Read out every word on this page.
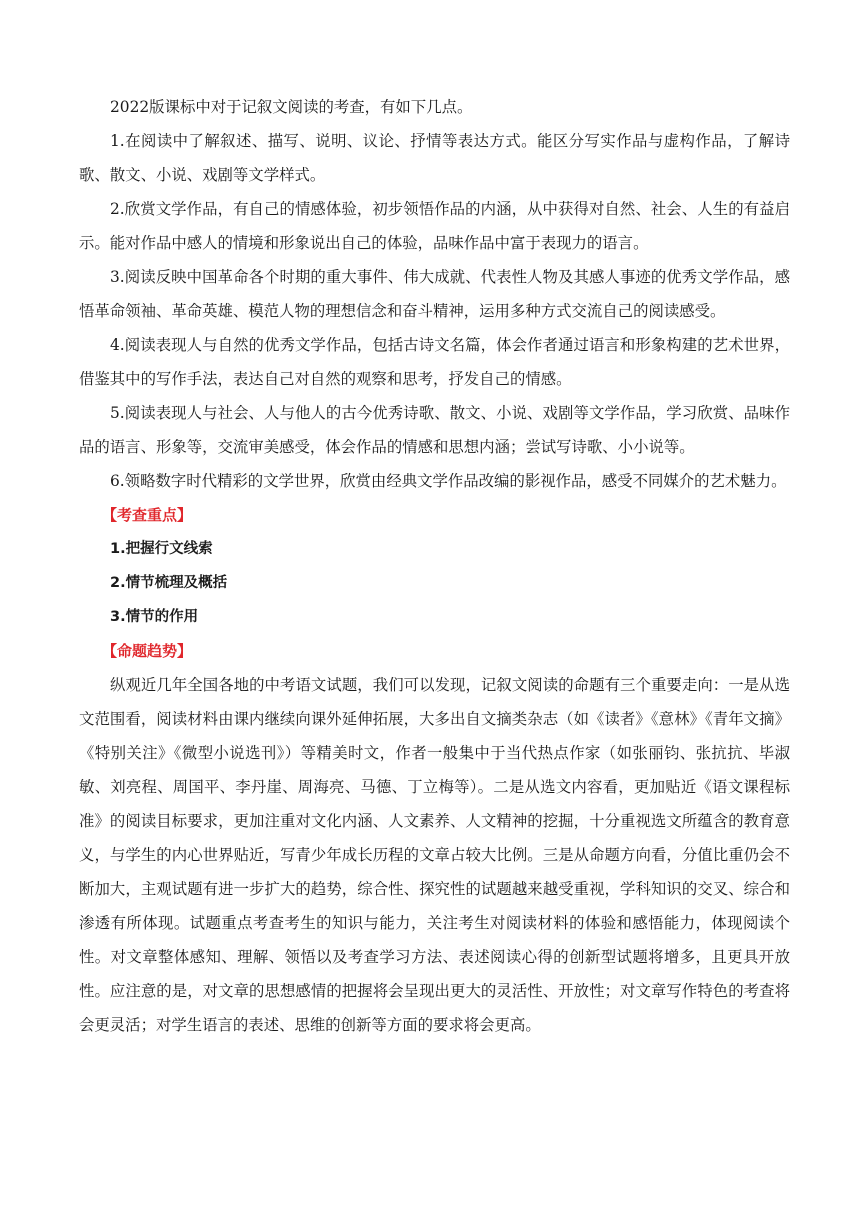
2022版课标中对于记叙文阅读的考查，有如下几点。

1.在阅读中了解叙述、描写、说明、议论、抒情等表达方式。能区分写实作品与虚构作品，了解诗歌、散文、小说、戏剧等文学样式。

2.欣赏文学作品，有自己的情感体验，初步领悟作品的内涵，从中获得对自然、社会、人生的有益启示。能对作品中感人的情境和形象说出自己的体验，品味作品中富于表现力的语言。

3.阅读反映中国革命各个时期的重大事件、伟大成就、代表性人物及其感人事迹的优秀文学作品，感悟革命领袖、革命英雄、模范人物的理想信念和奋斗精神，运用多种方式交流自己的阅读感受。

4.阅读表现人与自然的优秀文学作品，包括古诗文名篇，体会作者通过语言和形象构建的艺术世界，借鉴其中的写作手法，表达自己对自然的观察和思考，抒发自己的情感。

5.阅读表现人与社会、人与他人的古今优秀诗歌、散文、小说、戏剧等文学作品，学习欣赏、品味作品的语言、形象等，交流审美感受，体会作品的情感和思想内涵；尝试写诗歌、小小说等。

6.领略数字时代精彩的文学世界，欣赏由经典文学作品改编的影视作品，感受不同媒介的艺术魅力。

【考查重点】
1.把握行文线索
2.情节梳理及概括
3.情节的作用
【命题趋势】

纵观近几年全国各地的中考语文试题，我们可以发现，记叙文阅读的命题有三个重要走向：一是从选文范围看，阅读材料由课内继续向课外延伸拓展，大多出自文摘类杂志（如《读者》《意林》《青年文摘》《特别关注》《微型小说选刊》）等精美时文，作者一般集中于当代热点作家（如张丽钧、张抗抗、毕淑敏、刘亮程、周国平、李丹崖、周海亮、马德、丁立梅等）。二是从选文内容看，更加贴近《语文课程标准》的阅读目标要求，更加注重对文化内涵、人文素养、人文精神的挖掘，十分重视选文所蕴含的教育意义，与学生的内心世界贴近，写青少年成长历程的文章占较大比例。三是从命题方向看，分值比重仍会不断加大，主观试题有进一步扩大的趋势，综合性、探究性的试题越来越受重视，学科知识的交叉、综合和渗透有所体现。试题重点考查考生的知识与能力，关注考生对阅读材料的体验和感悟能力，体现阅读个性。对文章整体感知、理解、领悟以及考查学习方法、表述阅读心得的创新型试题将增多，且更具开放性。应注意的是，对文章的思想感情的把握将会呈现出更大的灵活性、开放性；对文章写作特色的考查将会更灵活；对学生语言的表述、思维的创新等方面的要求将会更高。
